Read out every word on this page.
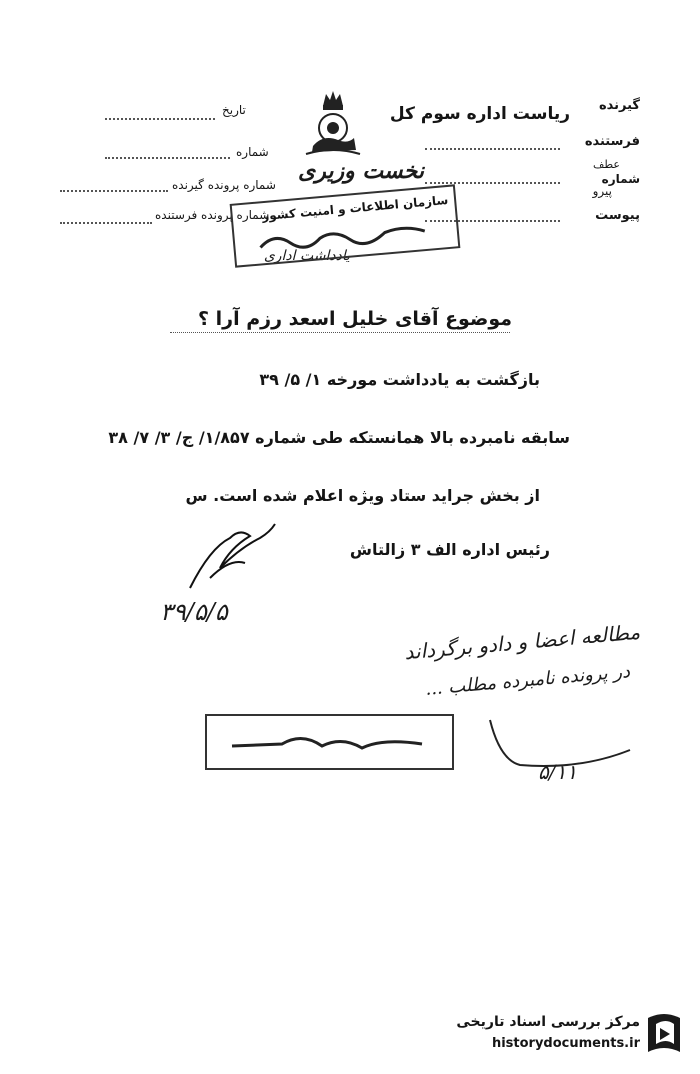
گیرنده
ریاست اداره سوم کل
فرستنده
شماره
عطف
پیرو
پیوست
یادداشت اداری
تاریخ
شماره
شماره پرونده گیرنده
شماره پرونده فرستنده
نخست وزیری
سازمان اطلاعات و امنیت کشور
موضوع آقای خلیل اسعد رزم آرا ؟
بازگشت به یادداشت مورخه ۱/ ۵/ ۳۹
سابقه نامبرده بالا همانستکه طی شماره ۱/۸۵۷/ ج/ ۳/ ۷/ ۳۸
از بخش جراید ستاد ویژه اعلام شده است. س
رئیس اداره الف ۳ زالتاش
۳۹/۵/۵
مطالعه اعضا و دادو برگرداند
در پرونده نامبرده مطلب ...
۵/۱۱
مرکز بررسی اسناد تاریخی
historydocuments.ir
